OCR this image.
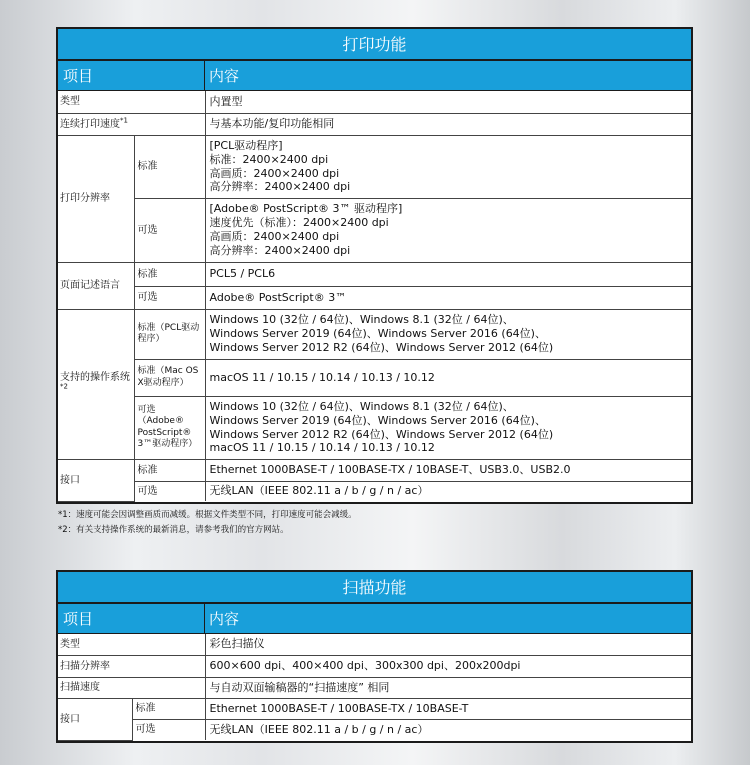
打印功能
项目	内容
类型		内置型
连续打印速度$^{*1}$		与基本功能/复印功能相同
打印分辨率	标准	[PCL驱动程序]
标准：2400×2400 dpi
高画质：2400×2400 dpi
高分辨率：2400×2400 dpi

	可选	[Adobe® PostScript® 3™ 驱动程序]
速度优先（标准）：2400×2400 dpi
高画质：2400×2400 dpi
高分辨率：2400×2400 dpi

页面记述语言	标准	PCL5 / PCL6
	可选	Adobe® PostScript® 3™
支持的操作系统$^{*2}$	标准（PCL驱动程序）	Windows 10 (32位 / 64位)、Windows 8.1 (32位 / 64位)、
Windows Server 2019 (64位)、Windows Server 2016 (64位)、
Windows Server 2012 R2 (64位)、Windows Server 2012 (64位)

	标准（Mac OS X驱动程序）	macOS 11 / 10.15 / 10.14 / 10.13 / 10.12
	可选（Adobe® PostScript® 3™驱动程序）	Windows 10 (32位 / 64位)、Windows 8.1 (32位 / 64位)、
Windows Server 2019 (64位)、Windows Server 2016 (64位)、
Windows Server 2012 R2 (64位)、Windows Server 2012 (64位)
macOS 11 / 10.15 / 10.14 / 10.13 / 10.12

接口	标准	Ethernet 1000BASE-T / 100BASE-TX / 10BASE-T、USB3.0、USB2.0
	可选	无线LAN（IEEE 802.11 a / b / g / n / ac）
*1：速度可能会因调整画质而减缓。根据文件类型不同，打印速度可能会减缓。
*2：有关支持操作系统的最新消息，请参考我们的官方网站。
扫描功能
项目	内容
类型		彩色扫描仪
扫描分辨率		600×600 dpi、400×400 dpi、300x300 dpi、200x200dpi
扫描速度		与自动双面输稿器的“扫描速度” 相同
接口	标准	Ethernet 1000BASE-T / 100BASE-TX / 10BASE-T
	可选	无线LAN（IEEE 802.11 a / b / g / n / ac）
